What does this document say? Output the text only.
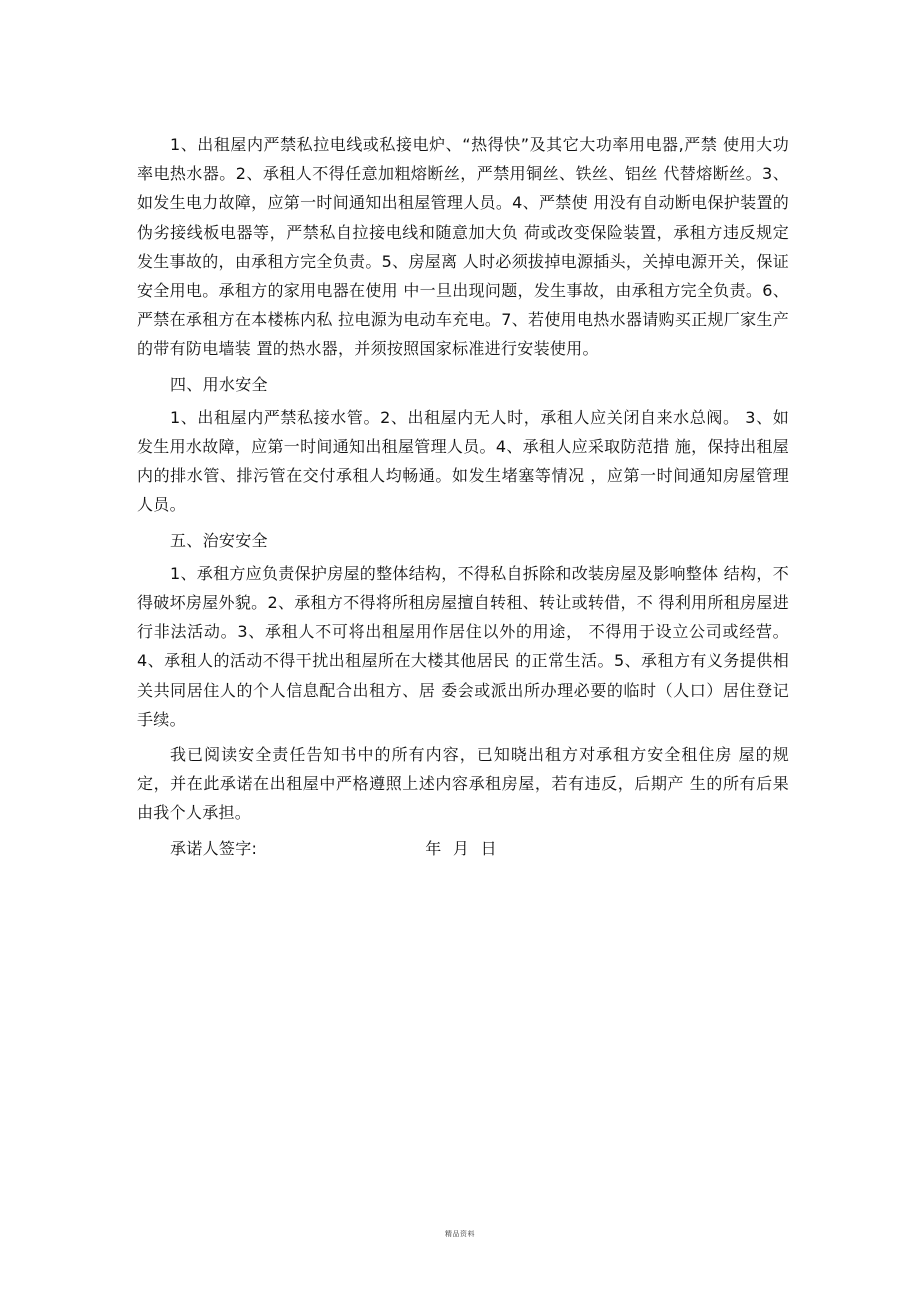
1、出租屋内严禁私拉电线或私接电炉、“热得快”及其它大功率用电器,严禁 使用大功率电热水器。2、承租人不得任意加粗熔断丝，严禁用铜丝、铁丝、铝丝 代替熔断丝。3、如发生电力故障，应第一时间通知出租屋管理人员。4、严禁使 用没有自动断电保护装置的伪劣接线板电器等，严禁私自拉接电线和随意加大负 荷或改变保险装置，承租方违反规定发生事故的，由承租方完全负责。5、房屋离 人时必须拔掉电源插头，关掉电源开关，保证安全用电。承租方的家用电器在使用 中一旦出现问题，发生事故，由承租方完全负责。6、严禁在承租方在本楼栋内私 拉电源为电动车充电。7、若使用电热水器请购买正规厂家生产的带有防电墙装 置的热水器，并须按照国家标准进行安装使用。

四、用水安全

1、出租屋内严禁私接水管。2、出租屋内无人时，承租人应关闭自来水总阀。 3、如发生用水故障，应第一时间通知出租屋管理人员。4、承租人应采取防范措 施，保持出租屋内的排水管、排污管在交付承租人均畅通。如发生堵塞等情况 ，应第一时间通知房屋管理人员。

五、治安安全

1、承租方应负责保护房屋的整体结构，不得私自拆除和改装房屋及影响整体 结构，不得破坏房屋外貌。2、承租方不得将所租房屋擅自转租、转让或转借，不 得利用所租房屋进行非法活动。3、承租人不可将出租屋用作居住以外的用途， 不得用于设立公司或经营。4、承租人的活动不得干扰出租屋所在大楼其他居民 的正常生活。5、承租方有义务提供相关共同居住人的个人信息配合出租方、居 委会或派出所办理必要的临时（人口）居住登记手续。

我已阅读安全责任告知书中的所有内容，已知晓出租方对承租方安全租住房 屋的规定，并在此承诺在出租屋中严格遵照上述内容承租房屋，若有违反，后期产 生的所有后果由我个人承担。

承诺人签字:	年 月 日
精品资料
